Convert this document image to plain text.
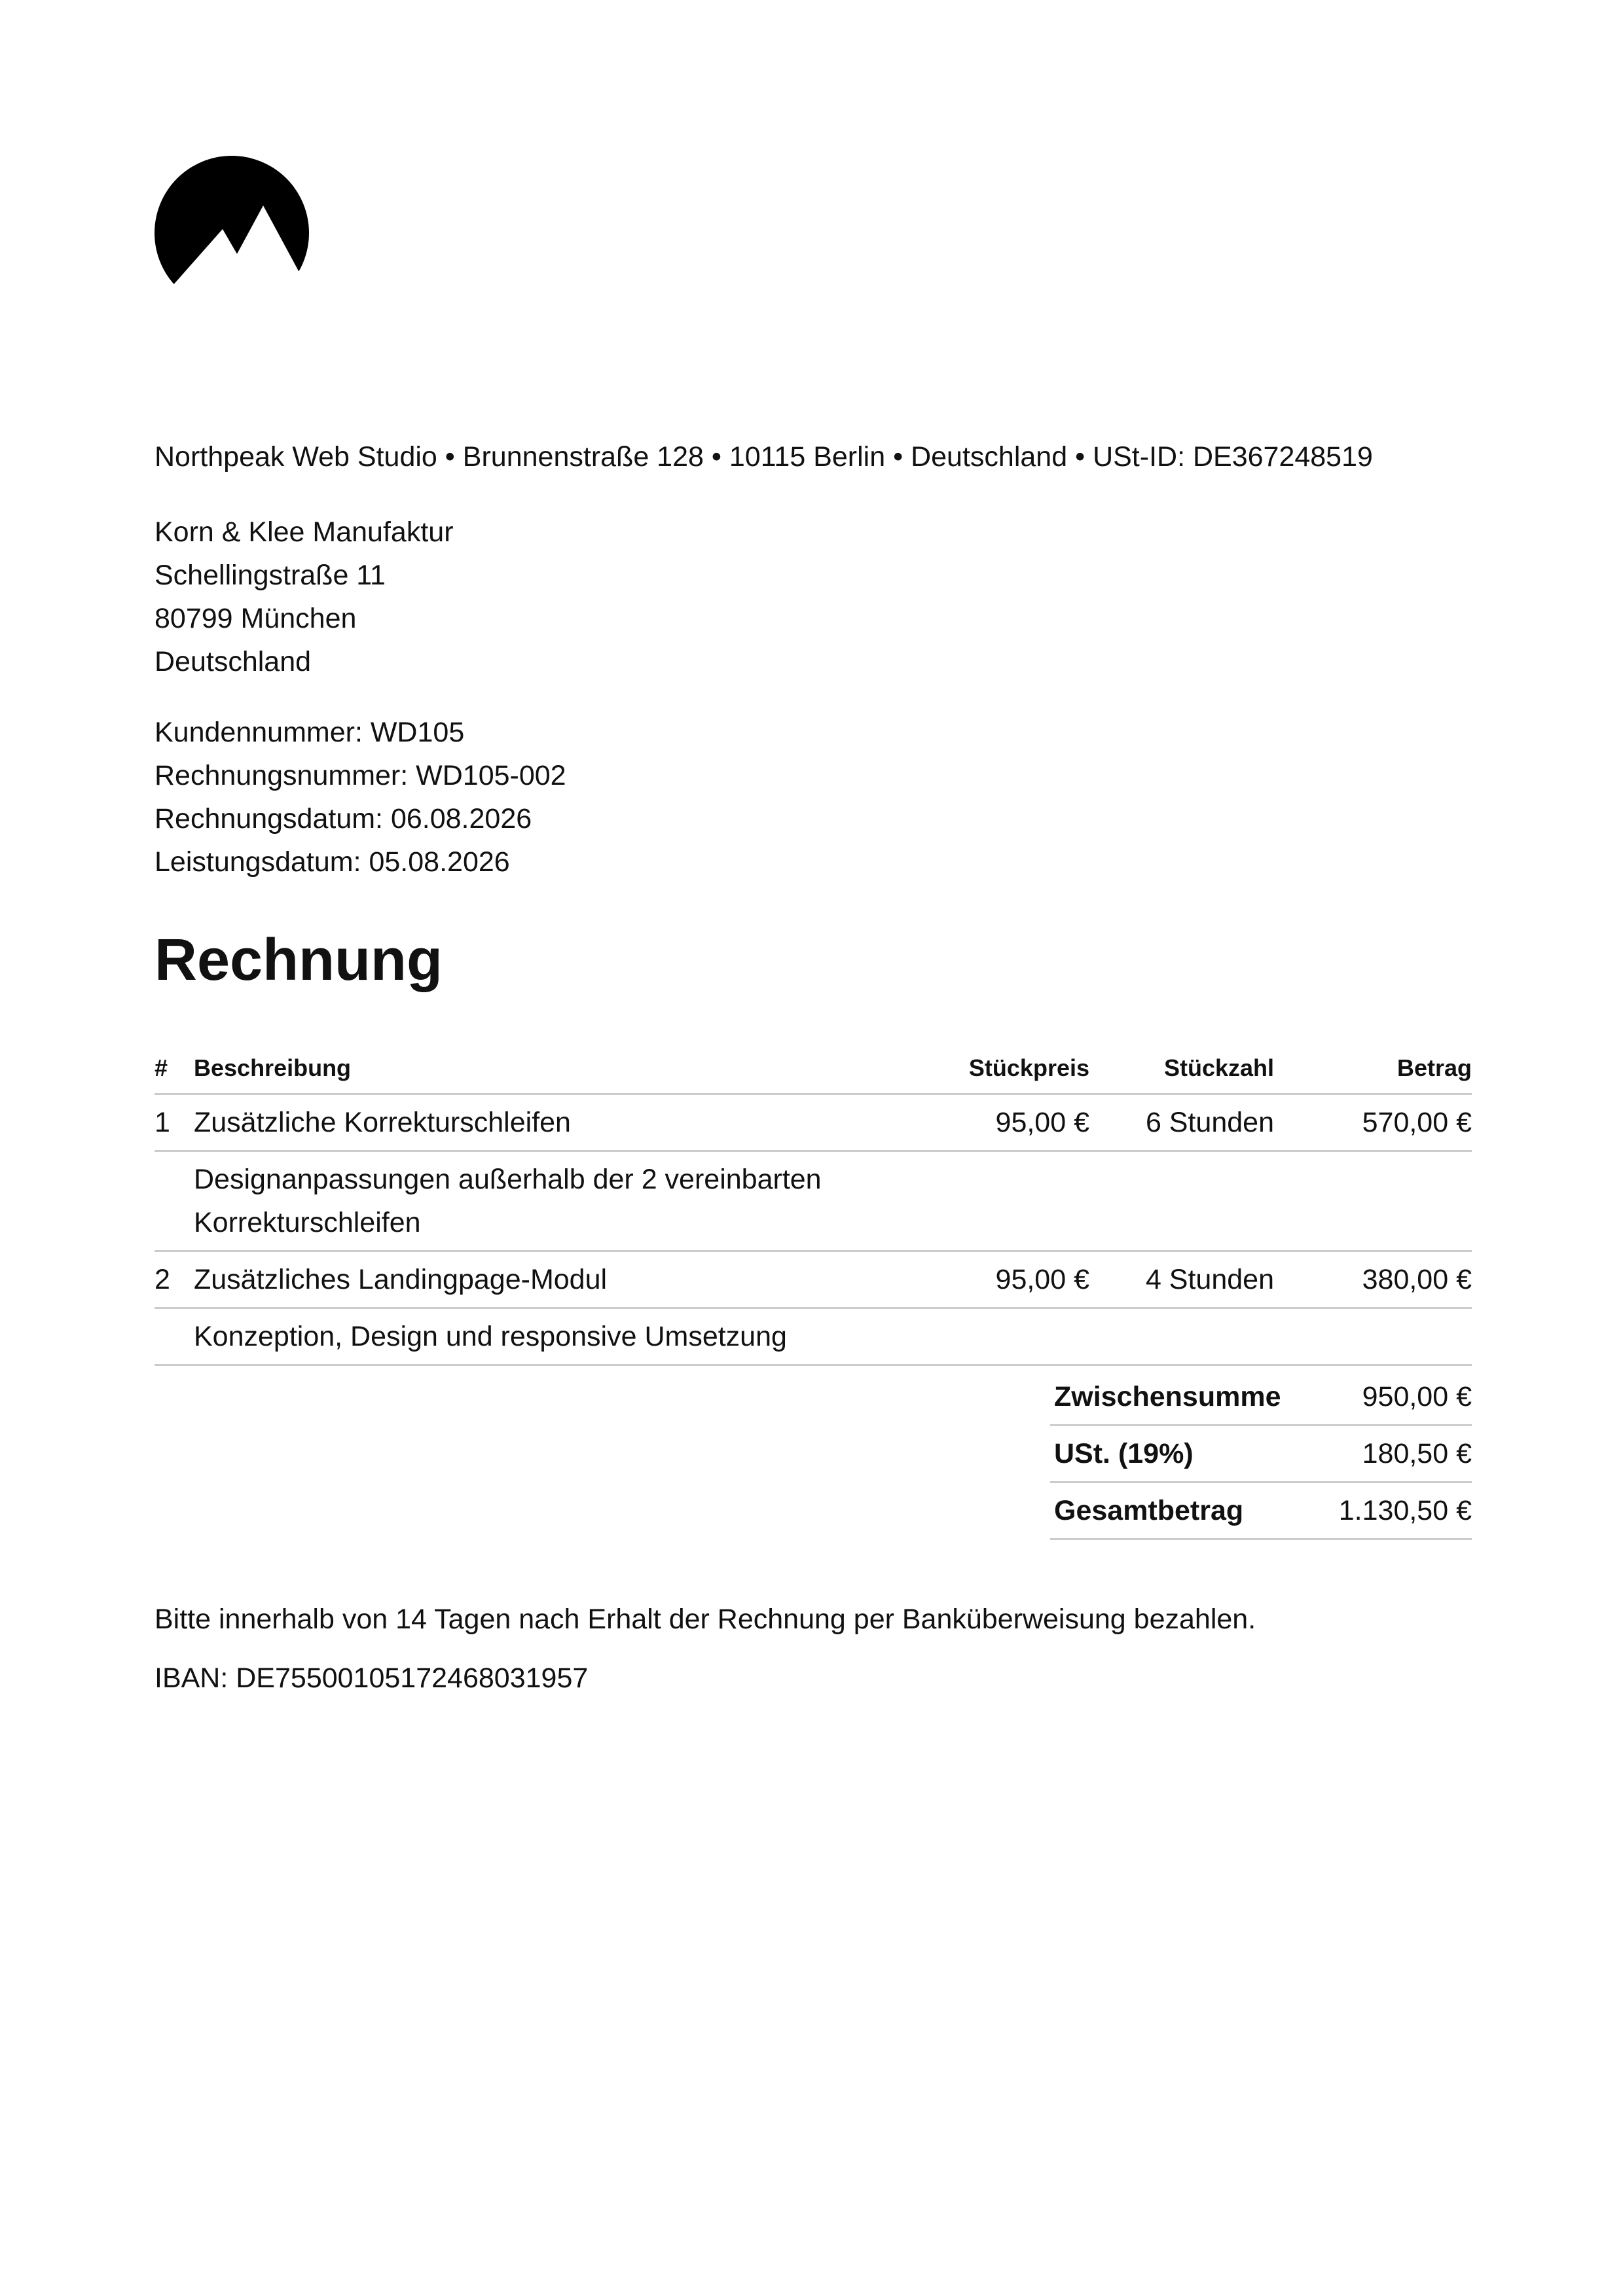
Northpeak Web Studio • Brunnenstraße 128 • 10115 Berlin • Deutschland • USt-ID: DE367248519
Korn & Klee Manufaktur
Schellingstraße 11
80799 München
Deutschland
Kundennummer: WD105
Rechnungsnummer: WD105-002
Rechnungsdatum: 06.08.2026
Leistungsdatum: 05.08.2026
Rechnung
#	Beschreibung	Stückpreis	Stückzahl	Betrag
1	Zusätzliche Korrekturschleifen	95,00 €	6 Stunden	570,00 €

	Designanpassungen außerhalb der 2 vereinbarten
Korrekturschleifen			

2	Zusätzliches Landingpage-Modul	95,00 €	4 Stunden	380,00 €

	Konzeption, Design und responsive Umsetzung			

Zwischensumme	950,00 €
USt. (19%)	180,50 €
Gesamtbetrag	1.130,50 €
Bitte innerhalb von 14 Tagen nach Erhalt der Rechnung per Banküberweisung bezahlen.
IBAN: DE75500105172468031957
